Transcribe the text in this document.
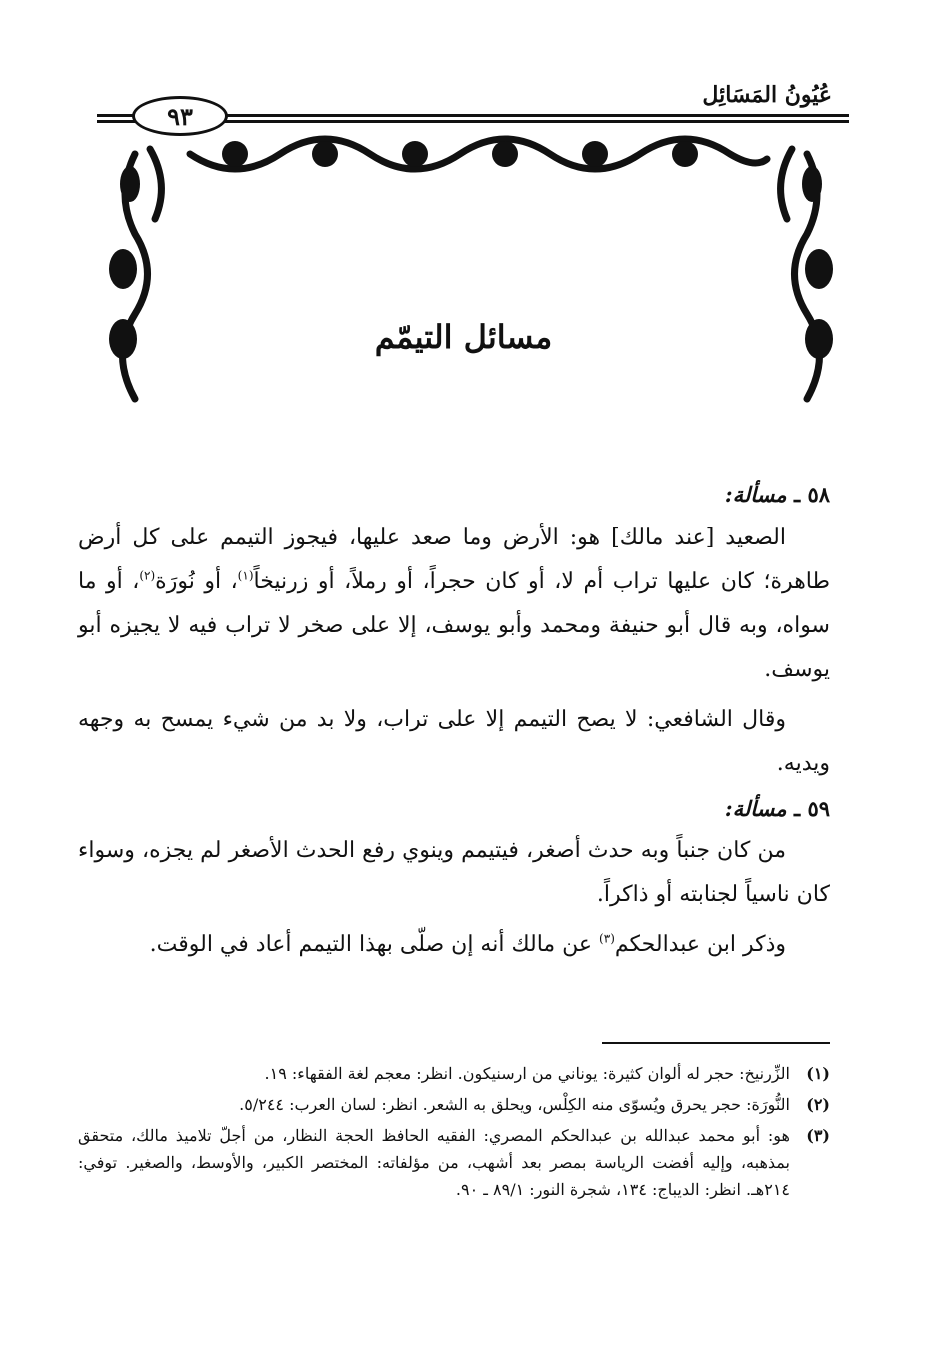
عُيُونُ المَسَائِل
٩٣
مسائل التيمّم

٥٨ ـ مسألة:

الصعيد [عند مالك] هو: الأرض وما صعد عليها، فيجوز التيمم على كل أرض طاهرة؛ كان عليها تراب أم لا، أو كان حجراً، أو رملاً، أو زرنيخاً$^{(١)}$، أو نُورَة$^{(٢)}$، أو ما سواه، وبه قال أبو حنيفة ومحمد وأبو يوسف، إلا على صخر لا تراب فيه لا يجيزه أبو يوسف.

وقال الشافعي: لا يصح التيمم إلا على تراب، ولا بد من شيء يمسح به وجهه ويديه.

٥٩ ـ مسألة:

من كان جنباً وبه حدث أصغر، فيتيمم وينوي رفع الحدث الأصغر لم يجزه، وسواء كان ناسياً لجنابته أو ذاكراً.

وذكر ابن عبدالحكم$^{(٣)}$ عن مالك أنه إن صلّى بهذا التيمم أعاد في الوقت.

(١)
الزِّرنيخ: حجر له ألوان كثيرة: يوناني من ارسنيكون. انظر: معجم لغة الفقهاء: ١٩.
(٢)
النُّورَة: حجر يحرق ويُسوّى منه الكِلْس، ويحلق به الشعر. انظر: لسان العرب: ٥/٢٤٤.
(٣)
هو: أبو محمد عبدالله بن عبدالحكم المصري: الفقيه الحافظ الحجة النظار، من أجلّ تلاميذ مالك، متحقق بمذهبه، وإليه أفضت الرياسة بمصر بعد أشهب، من مؤلفاته: المختصر الكبير، والأوسط، والصغير. توفي: ٢١٤هـ. انظر: الديباج: ١٣٤، شجرة النور: ٨٩/١ ـ ٩٠.
